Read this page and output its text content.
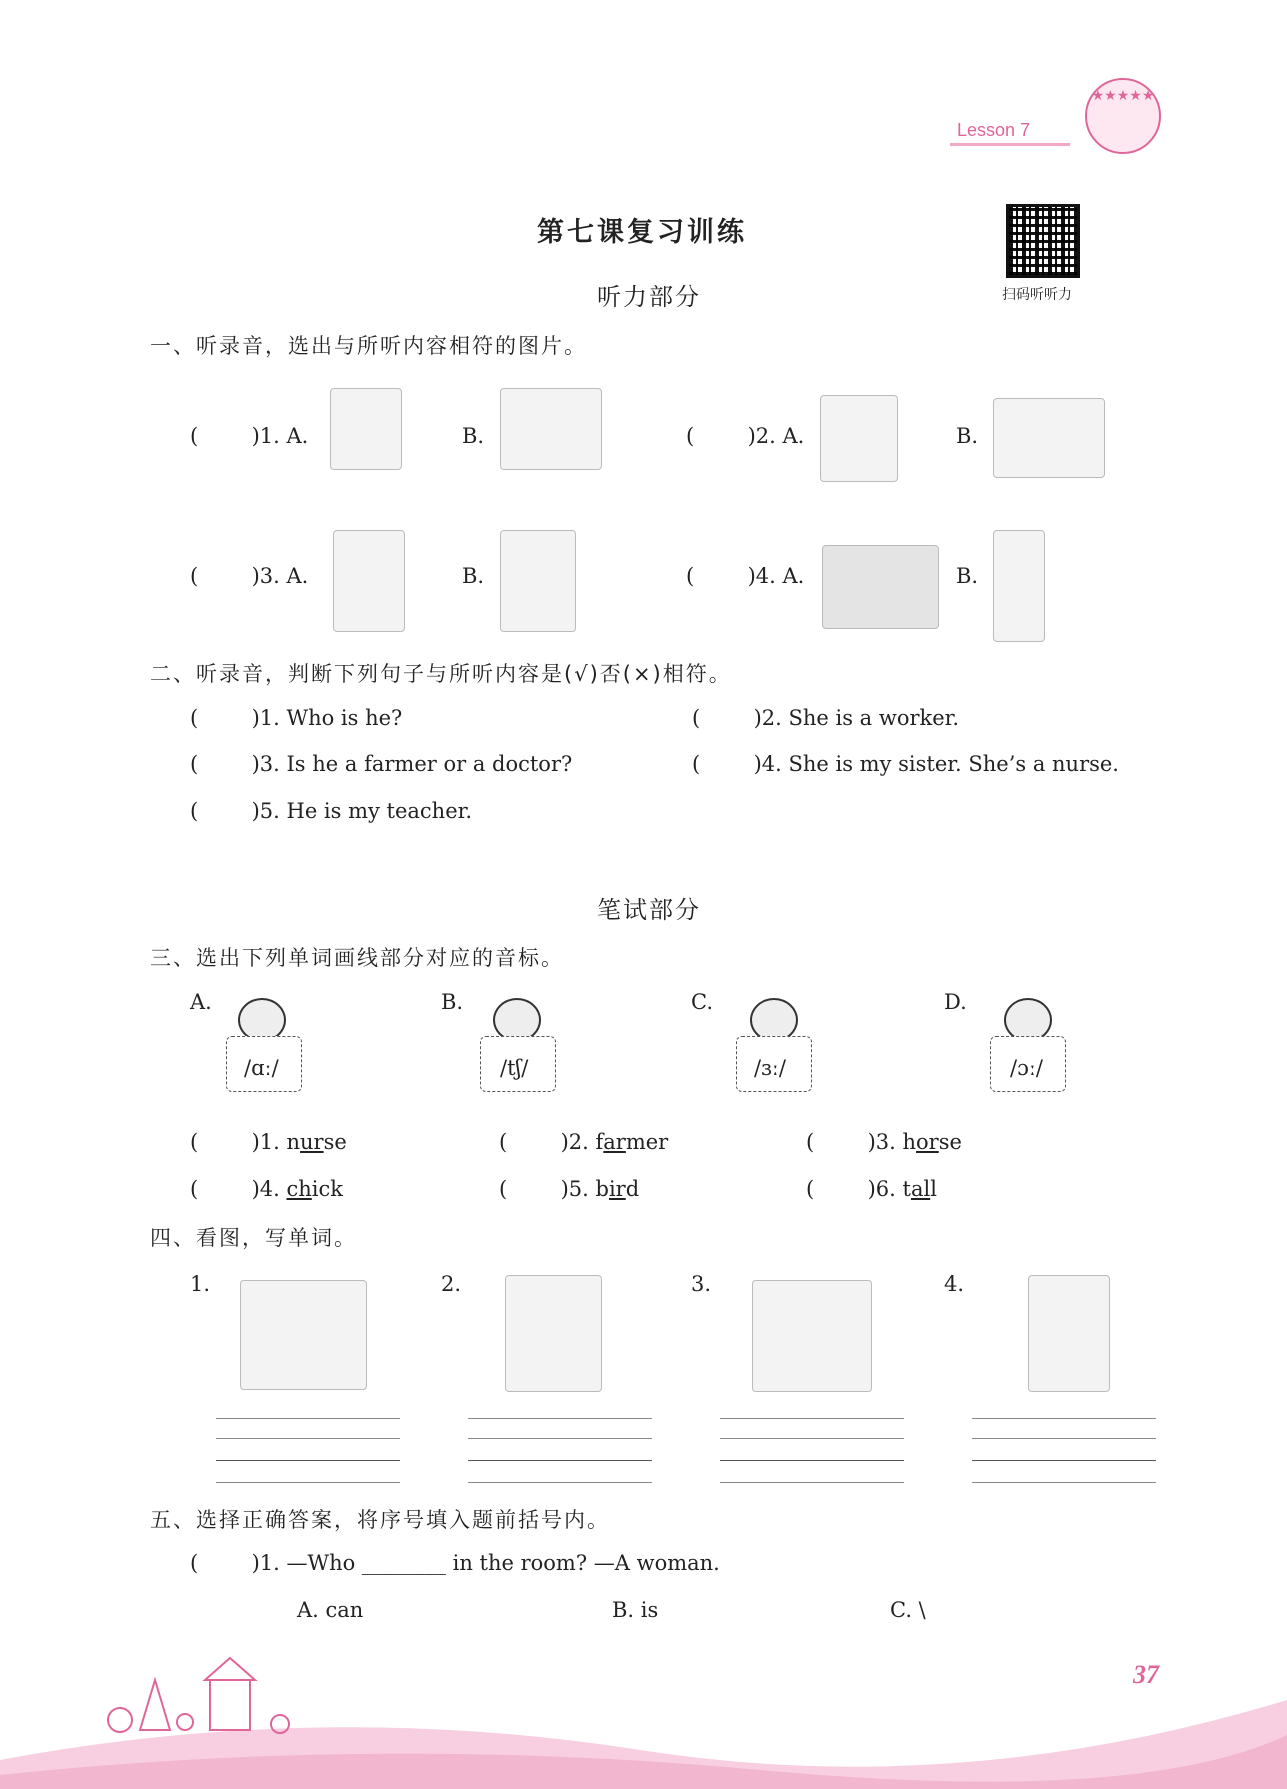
Lesson 7
★★★★★
第七课复习训练
扫码听听力
听力部分
一、听录音，选出与所听内容相符的图片。
(        )1. A.	B.	(        )2. A.	B.
(        )3. A.	B.	(        )4. A.	B.
二、听录音，判断下列句子与所听内容是(√)否(×)相符。
(        )1. Who is he?	(        )2. She is a worker.
(        )3. Is he a farmer or a doctor?	(        )4. She is my sister. She’s a nurse.
(        )5. He is my teacher.
笔试部分
三、选出下列单词画线部分对应的音标。
A.
/ɑː/
B.
/tʃ/
C.
/ɜː/
D.
/ɔː/
(        )1. nurse	(        )2. farmer	(        )3. horse
(        )4. chick	(        )5. bird	(        )6. tall
四、看图，写单词。
1.	2.	3.	4.
五、选择正确答案，将序号填入题前括号内。
(        )1. —Who ________ in the room? —A woman.
A. can	B. is	C. \
37
